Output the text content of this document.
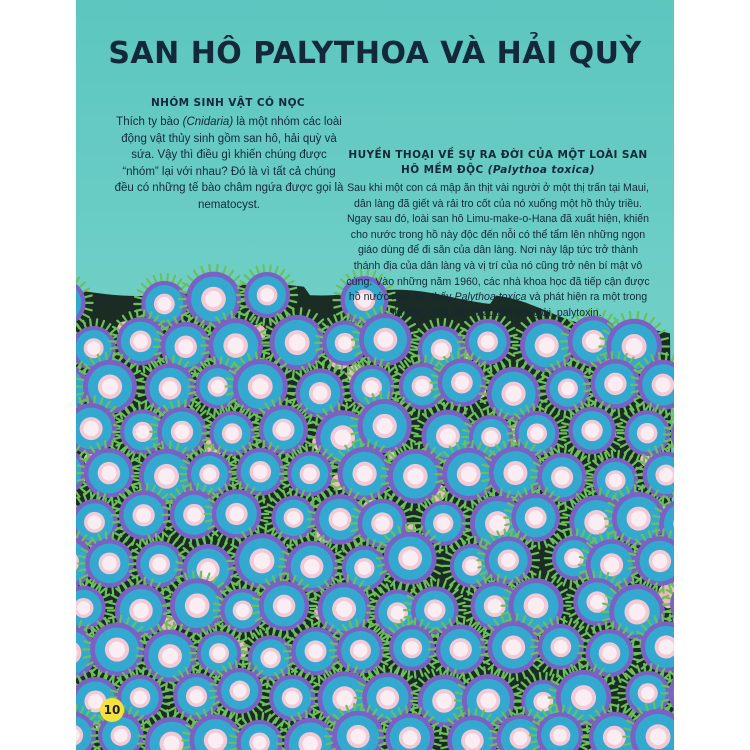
SAN HÔ PALYTHOA VÀ HẢI QUỲ
NHÓM SINH VẬT CÓ NỌC

Thích ty bào (Cnidaria) là một nhóm các loài động vật thủy sinh gồm san hô, hải quỳ và sứa. Vậy thì điều gì khiến chúng được “nhóm” lại với nhau? Đó là vì tất cả chúng đều có những tế bào châm ngứa được gọi là nematocyst.

HUYỀN THOẠI VỀ SỰ RA ĐỜI CỦA MỘT LOÀI SAN HÔ MỀM ĐỘC (Palythoa toxica)

Sau khi một con cá mập ăn thịt vài người ở một thị trấn tại Maui, dân làng đã giết và rải tro cốt của nó xuống một hồ thủy triều. Ngay sau đó, loài san hô Limu-make-o-Hana đã xuất hiện, khiến cho nước trong hồ này độc đến nỗi có thể tẩm lên những ngọn giáo dùng để đi săn của dân làng. Nơi này lập tức trở thành thánh địa của dân làng và vị trí của nó cũng trở nên bí mật vô cùng. Vào những năm 1960, các nhà khoa học đã tiếp cận được hồ nước này, tìm thấy Palythoa toxica và phát hiện ra một trong những chất độc nhất trên thế giới, palytoxin.

10
